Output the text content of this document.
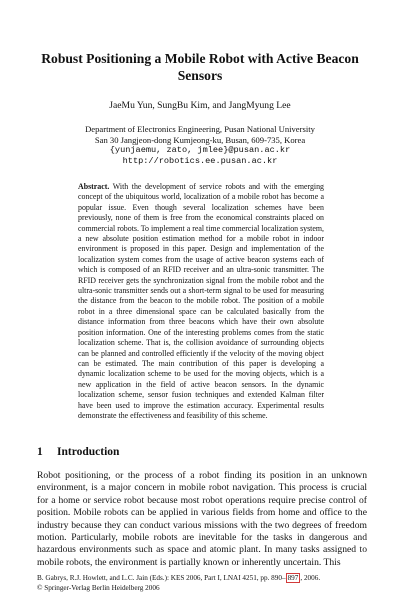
Robust Positioning a Mobile Robot with Active Beacon Sensors
JaeMu Yun, SungBu Kim, and JangMyung Lee
Department of Electronics Engineering, Pusan National University
San 30 Jangjeon-dong Kumjeong-ku, Busan, 609-735, Korea
{yunjaemu, zato, jmlee}@pusan.ac.kr
http://robotics.ee.pusan.ac.kr

Abstract. With the development of service robots and with the emerging concept of the ubiquitous world, localization of a mobile robot has become a popular issue. Even though several localization schemes have been previously, none of them is free from the economical constraints placed on commercial robots. To implement a real time commercial localization system, a new absolute position estimation method for a mobile robot in indoor environment is proposed in this paper. Design and implementation of the localization system comes from the usage of active beacon systems each of which is composed of an RFID receiver and an ultra-sonic transmitter. The RFID receiver gets the synchronization signal from the mobile robot and the ultra-sonic transmitter sends out a short-term signal to be used for measuring the distance from the beacon to the mobile robot. The position of a mobile robot in a three dimensional space can be calculated basically from the distance information from three beacons which have their own absolute position information. One of the interesting problems comes from the static localization scheme. That is, the collision avoidance of surrounding objects can be planned and controlled efficiently if the velocity of the moving object can be estimated. The main contribution of this paper is developing a dynamic localization scheme to be used for the moving objects, which is a new application in the field of active beacon sensors. In the dynamic localization scheme, sensor fusion techniques and extended Kalman filter have been used to improve the estimation accuracy. Experimental results demonstrate the effectiveness and feasibility of this scheme.

1 Introduction

Robot positioning, or the process of a robot finding its position in an unknown environment, is a major concern in mobile robot navigation. This process is crucial for a home or service robot because most robot operations require precise control of position. Mobile robots can be applied in various fields from home and office to the industry because they can conduct various missions with the two degrees of freedom motion. Particularly, mobile robots are inevitable for the tasks in dangerous and hazardous environments such as space and atomic plant. In many tasks assigned to mobile robots, the environment is partially known or inherently uncertain. This

B. Gabrys, R.J. Howlett, and L.C. Jain (Eds.): KES 2006, Part I, LNAI 4251, pp. 890– 897 , 2006.
© Springer-Verlag Berlin Heidelberg 2006
